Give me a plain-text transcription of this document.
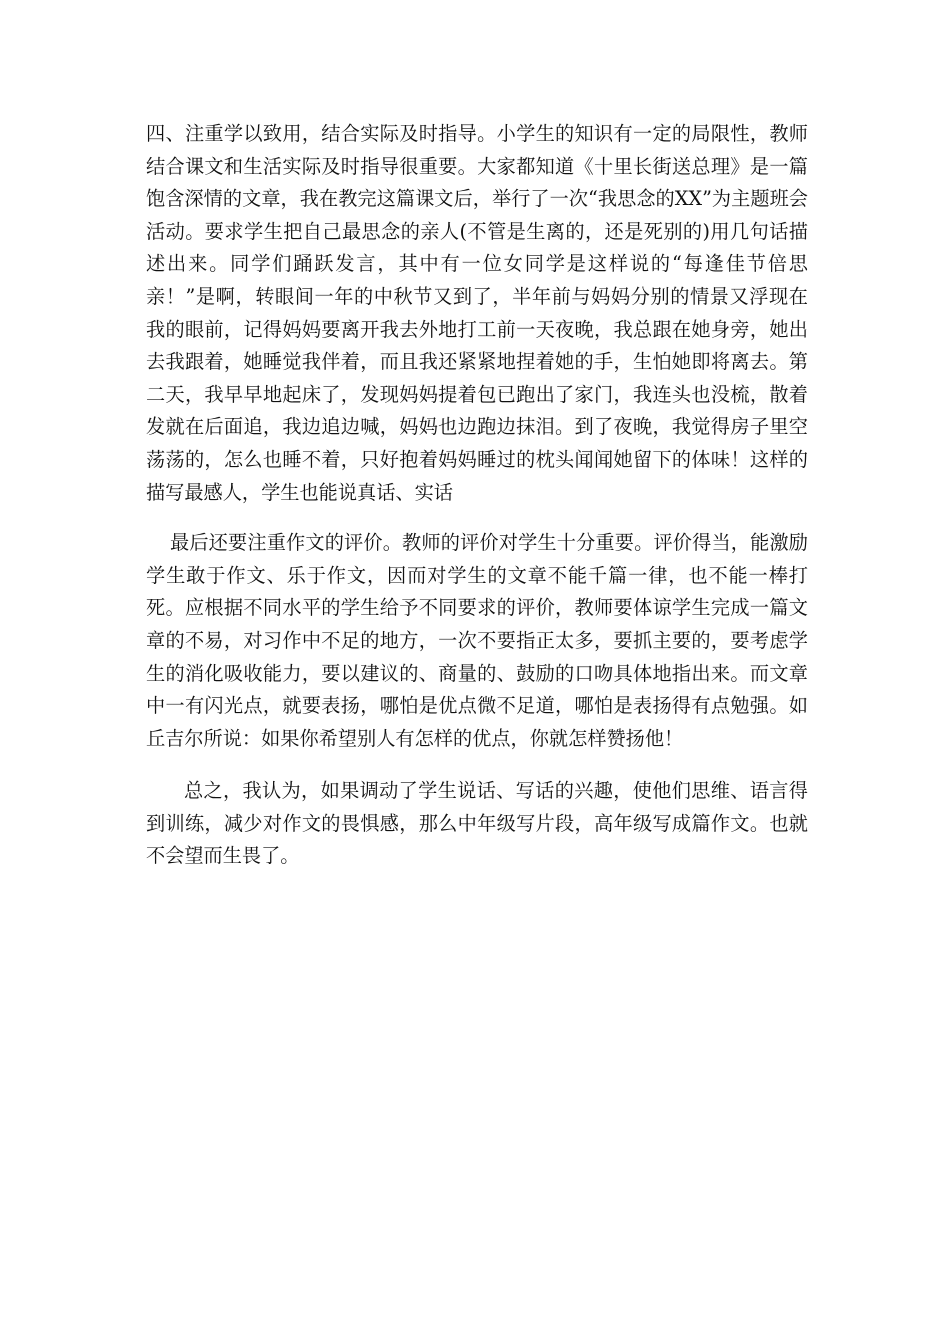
四、注重学以致用，结合实际及时指导。小学生的知识有一定的局限性，教师结合课文和生活实际及时指导很重要。大家都知道《十里长街送总理》是一篇饱含深情的文章，我在教完这篇课文后，举行了一次“我思念的XX”为主题班会活动。要求学生把自己最思念的亲人(不管是生离的，还是死别的)用几句话描述出来。同学们踊跃发言，其中有一位女同学是这样说的“每逢佳节倍思亲！”是啊，转眼间一年的中秋节又到了，半年前与妈妈分别的情景又浮现在我的眼前，记得妈妈要离开我去外地打工前一天夜晚，我总跟在她身旁，她出去我跟着，她睡觉我伴着，而且我还紧紧地捏着她的手，生怕她即将离去。第二天，我早早地起床了，发现妈妈提着包已跑出了家门，我连头也没梳，散着发就在后面追，我边追边喊，妈妈也边跑边抹泪。到了夜晚，我觉得房子里空荡荡的，怎么也睡不着，只好抱着妈妈睡过的枕头闻闻她留下的体味！这样的描写最感人，学生也能说真话、实话

最后还要注重作文的评价。教师的评价对学生十分重要。评价得当，能激励学生敢于作文、乐于作文，因而对学生的文章不能千篇一律，也不能一棒打死。应根据不同水平的学生给予不同要求的评价，教师要体谅学生完成一篇文章的不易，对习作中不足的地方，一次不要指正太多，要抓主要的，要考虑学生的消化吸收能力，要以建议的、商量的、鼓励的口吻具体地指出来。而文章中一有闪光点，就要表扬，哪怕是优点微不足道，哪怕是表扬得有点勉强。如丘吉尔所说：如果你希望别人有怎样的优点，你就怎样赞扬他！

总之，我认为，如果调动了学生说话、写话的兴趣，使他们思维、语言得到训练，减少对作文的畏惧感，那么中年级写片段，高年级写成篇作文。也就不会望而生畏了。
